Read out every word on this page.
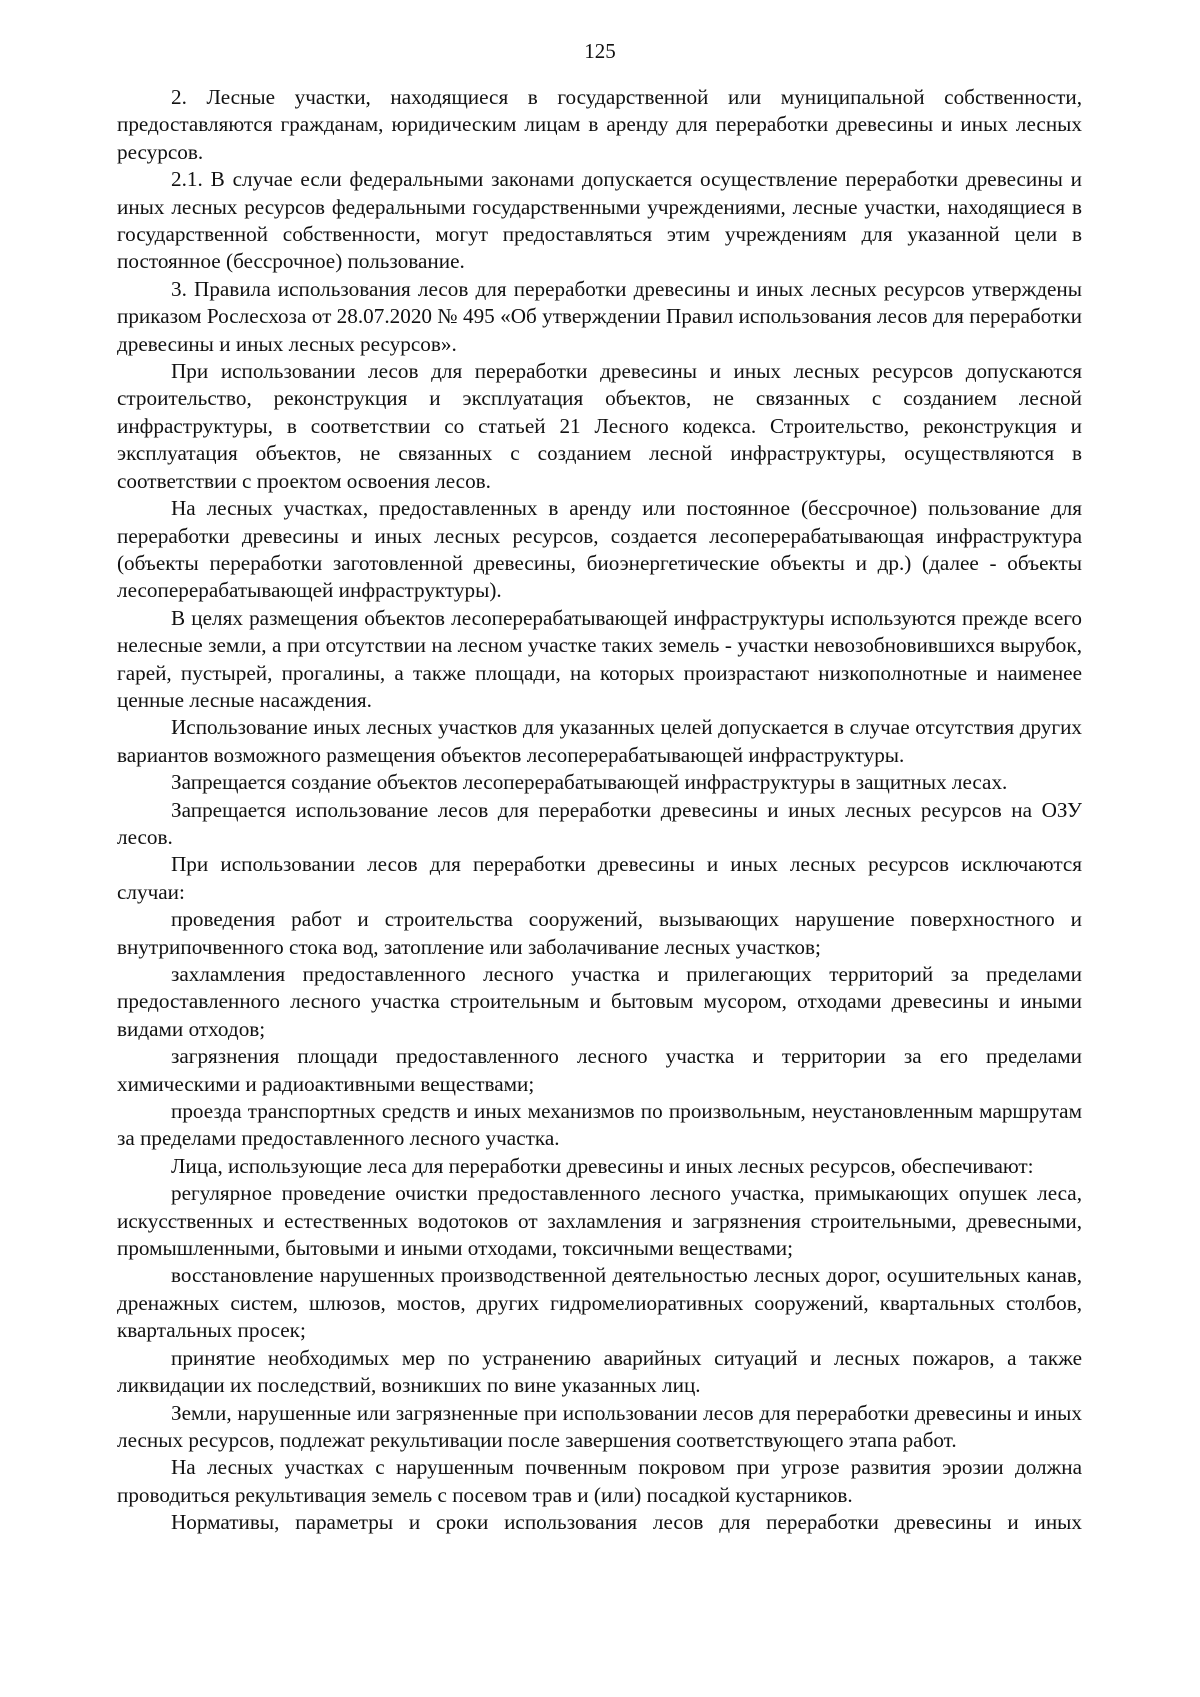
125

2. Лесные участки, находящиеся в государственной или муниципальной собственности, предоставляются гражданам, юридическим лицам в аренду для переработки древесины и иных лесных ресурсов.

2.1. В случае если федеральными законами допускается осуществление переработки древесины и иных лесных ресурсов федеральными государственными учреждениями, лесные участки, находящиеся в государственной собственности, могут предоставляться этим учреждениям для указанной цели в постоянное (бессрочное) пользование.

3. Правила использования лесов для переработки древесины и иных лесных ресурсов утверждены приказом Рослесхоза от 28.07.2020 № 495 «Об утверждении Правил использования лесов для переработки древесины и иных лесных ресурсов».

При использовании лесов для переработки древесины и иных лесных ресурсов допускаются строительство, реконструкция и эксплуатация объектов, не связанных с созданием лесной инфраструктуры, в соответствии со статьей 21 Лесного кодекса. Строительство, реконструкция и эксплуатация объектов, не связанных с созданием лесной инфраструктуры, осуществляются в соответствии с проектом освоения лесов.

На лесных участках, предоставленных в аренду или постоянное (бессрочное) пользование для переработки древесины и иных лесных ресурсов, создается лесоперерабатывающая инфраструктура (объекты переработки заготовленной древесины, биоэнергетические объекты и др.) (далее - объекты лесоперерабатывающей инфраструктуры).

В целях размещения объектов лесоперерабатывающей инфраструктуры используются прежде всего нелесные земли, а при отсутствии на лесном участке таких земель - участки невозобновившихся вырубок, гарей, пустырей, прогалины, а также площади, на которых произрастают низкополнотные и наименее ценные лесные насаждения.

Использование иных лесных участков для указанных целей допускается в случае отсутствия других вариантов возможного размещения объектов лесоперерабатывающей инфраструктуры.

Запрещается создание объектов лесоперерабатывающей инфраструктуры в защитных лесах.

Запрещается использование лесов для переработки древесины и иных лесных ресурсов на ОЗУ лесов.

При использовании лесов для переработки древесины и иных лесных ресурсов исключаются случаи:

проведения работ и строительства сооружений, вызывающих нарушение поверхностного и внутрипочвенного стока вод, затопление или заболачивание лесных участков;

захламления предоставленного лесного участка и прилегающих территорий за пределами предоставленного лесного участка строительным и бытовым мусором, отходами древесины и иными видами отходов;

загрязнения площади предоставленного лесного участка и территории за его пределами химическими и радиоактивными веществами;

проезда транспортных средств и иных механизмов по произвольным, неустановленным маршрутам за пределами предоставленного лесного участка.

Лица, использующие леса для переработки древесины и иных лесных ресурсов, обеспечивают:

регулярное проведение очистки предоставленного лесного участка, примыкающих опушек леса, искусственных и естественных водотоков от захламления и загрязнения строительными, древесными, промышленными, бытовыми и иными отходами, токсичными веществами;

восстановление нарушенных производственной деятельностью лесных дорог, осушительных канав, дренажных систем, шлюзов, мостов, других гидромелиоративных сооружений, квартальных столбов, квартальных просек;

принятие необходимых мер по устранению аварийных ситуаций и лесных пожаров, а также ликвидации их последствий, возникших по вине указанных лиц.

Земли, нарушенные или загрязненные при использовании лесов для переработки древесины и иных лесных ресурсов, подлежат рекультивации после завершения соответствующего этапа работ.

На лесных участках с нарушенным почвенным покровом при угрозе развития эрозии должна проводиться рекультивация земель с посевом трав и (или) посадкой кустарников.

Нормативы, параметры и сроки использования лесов для переработки древесины и иных
